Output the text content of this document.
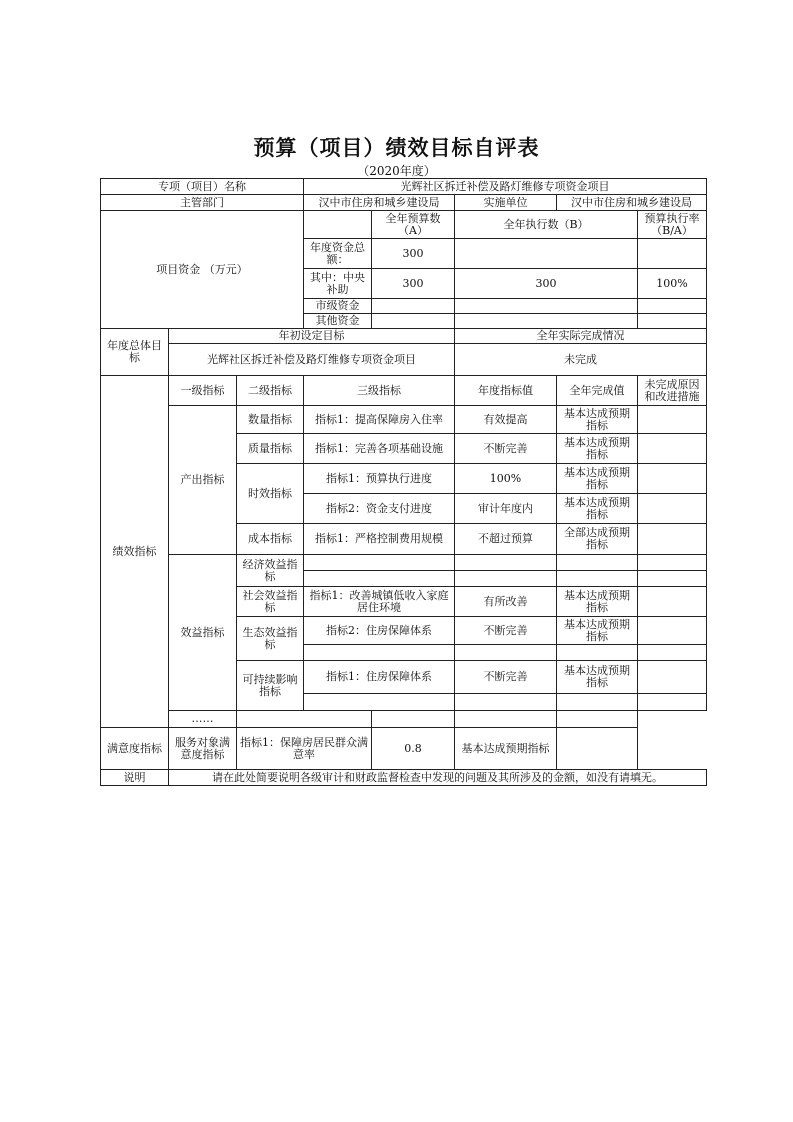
预算（项目）绩效目标自评表
（2020年度）
专项（项目）名称			光辉社区拆迁补偿及路灯维修专项资金项目				
主管部门			汉中市住房和城乡建设局		实施单位	汉中市住房和城乡建设局	
项目资金 （万元）				全年预算数（A）	全年执行数（B）		预算执行率（B/A）
			年度资金总额：	300			
			其中：中央补助	300	300		100%
			市级资金				
			其他资金				
年度总体目标	年初设定目标				全年实际完成情况		
	光辉社区拆迁补偿及路灯维修专项资金项目				未完成		
绩效指标	一级指标	二级指标	三级指标		年度指标值	全年完成值	未完成原因和改进措施
	产出指标	数量指标	指标1：提高保障房入住率		有效提高	基本达成预期指标	
		质量指标	指标1：完善各项基础设施		不断完善	基本达成预期指标	
		时效指标	指标1：预算执行进度		100%	基本达成预期指标	
			指标2：资金支付进度		审计年度内	基本达成预期指标	
		成本指标	指标1：严格控制费用规模		不超过预算	全部达成预期指标	
	效益指标	经济效益指标					

		社会效益指标	指标1：改善城镇低收入家庭居住环境		有所改善	基本达成预期指标	
		生态效益指标	指标2：住房保障体系		不断完善	基本达成预期指标	

		可持续影响指标	指标1：住房保障体系		不断完善	基本达成预期指标	

	……						
满意度指标	服务对象满意度指标	指标1：保障房居民群众满意率		0.8	基本达成预期指标		
说明	请在此处简要说明各级审计和财政监督检查中发现的问题及其所涉及的金额，如没有请填无。						
